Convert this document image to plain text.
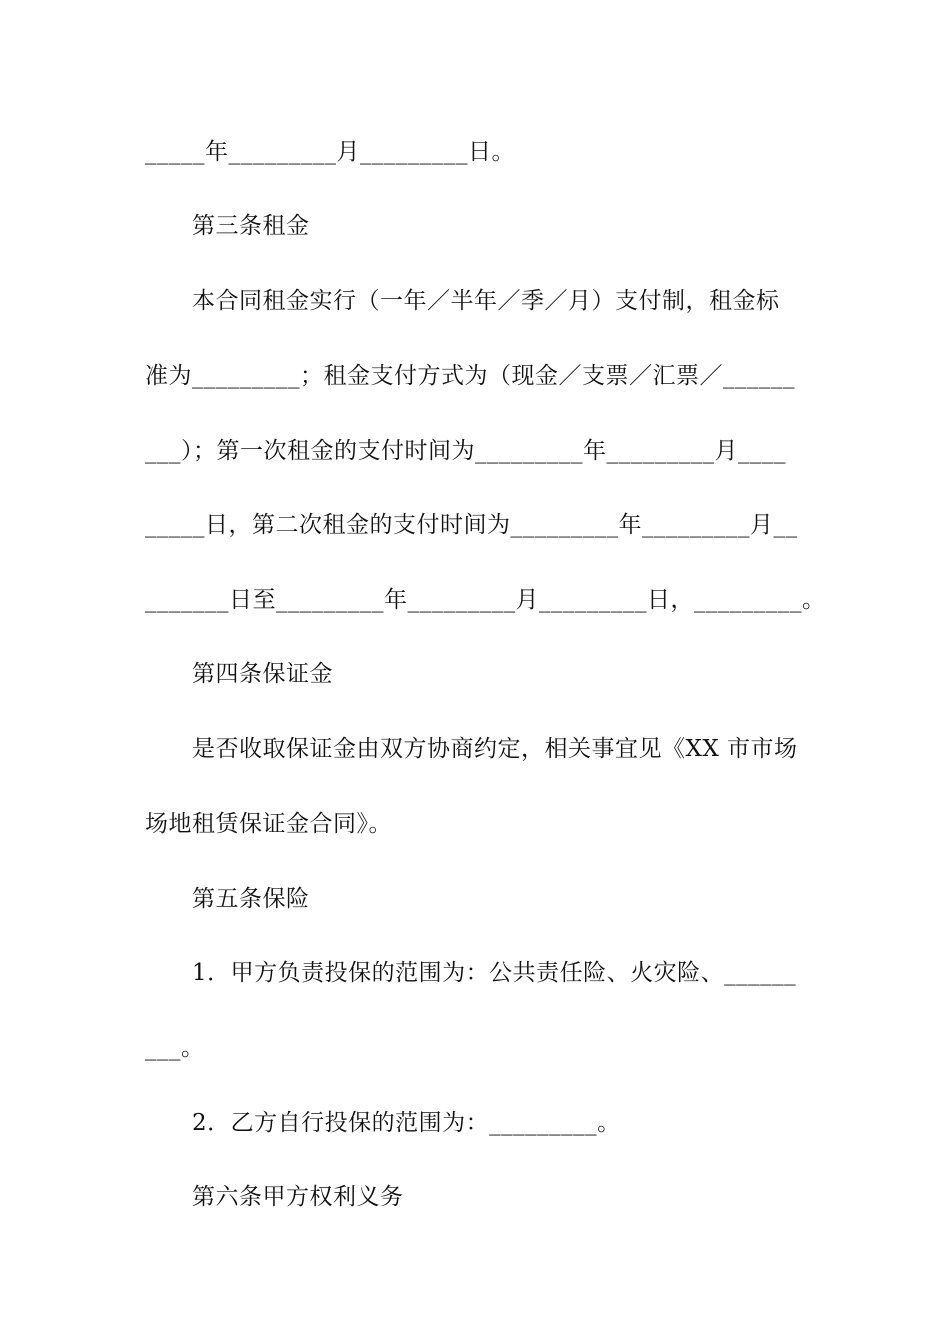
_____年_________月_________日。
第三条租金
本合同租金实行（一年／半年／季／月）支付制，租金标
准为_________；租金支付方式为（现金／支票／汇票／______
___）；第一次租金的支付时间为_________年_________月____
_____日，第二次租金的支付时间为_________年_________月__
_______日至_________年_________月_________日，_________。
第四条保证金
是否收取保证金由双方协商约定，相关事宜见《XX 市市场
场地租赁保证金合同》。
第五条保险
1．甲方负责投保的范围为：公共责任险、火灾险、______
___。
2．乙方自行投保的范围为：_________。
第六条甲方权利义务
